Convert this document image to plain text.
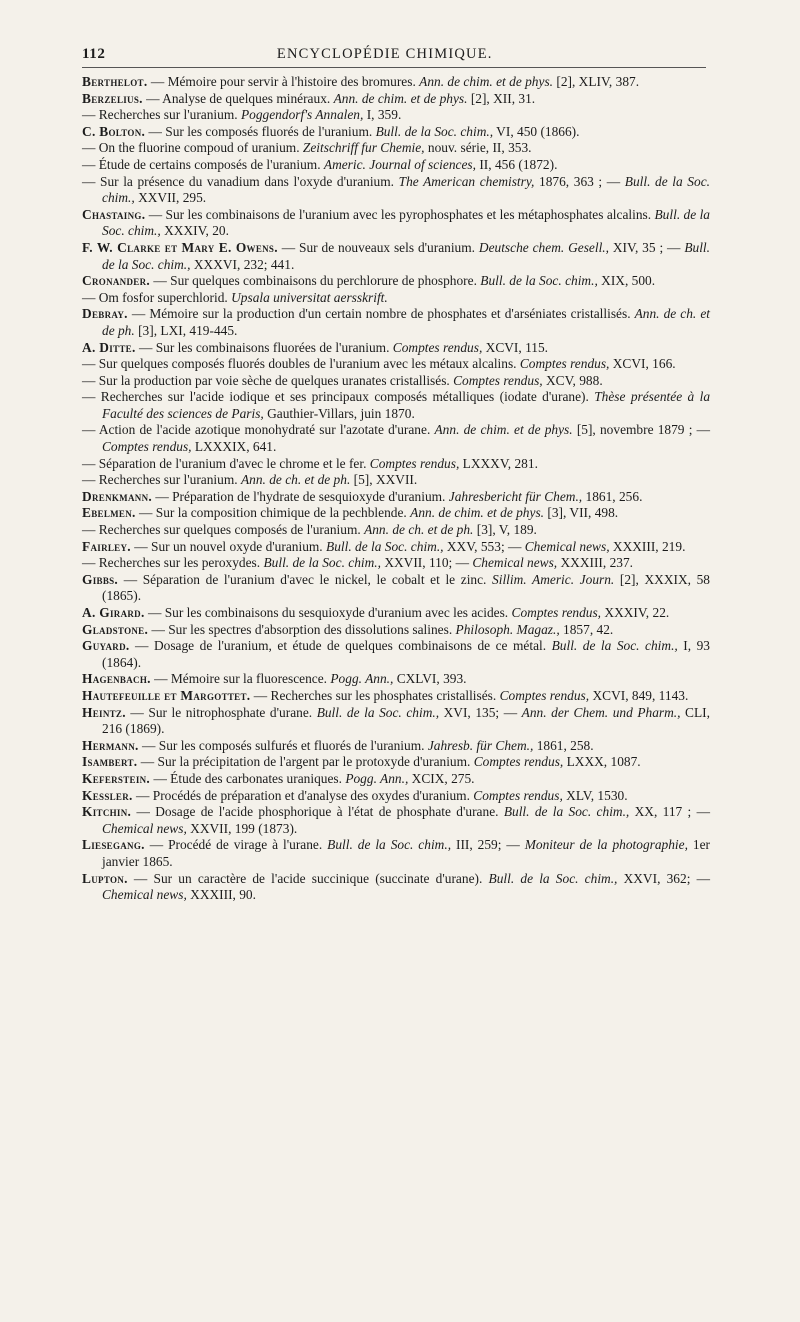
112	ENCYCLOPÉDIE CHIMIQUE.

Berthelot. — Mémoire pour servir à l'histoire des bromures. Ann. de chim. et de phys. [2], XLIV, 387.

Berzelius. — Analyse de quelques minéraux. Ann. de chim. et de phys. [2], XII, 31.

— Recherches sur l'uranium. Poggendorf's Annalen, I, 359.

C. Bolton. — Sur les composés fluorés de l'uranium. Bull. de la Soc. chim., VI, 450 (1866).

— On the fluorine compoud of uranium. Zeitschriff fur Chemie, nouv. série, II, 353.

— Étude de certains composés de l'uranium. Americ. Journal of sciences, II, 456 (1872).

— Sur la présence du vanadium dans l'oxyde d'uranium. The American chemistry, 1876, 363 ; — Bull. de la Soc. chim., XXVII, 295.

Chastaing. — Sur les combinaisons de l'uranium avec les pyrophosphates et les métaphosphates alcalins. Bull. de la Soc. chim., XXXIV, 20.

F. W. Clarke et Mary E. Owens. — Sur de nouveaux sels d'uranium. Deutsche chem. Gesell., XIV, 35 ; — Bull. de la Soc. chim., XXXVI, 232; 441.

Cronander. — Sur quelques combinaisons du perchlorure de phosphore. Bull. de la Soc. chim., XIX, 500.

— Om fosfor superchlorid. Upsala universitat aersskrift.

Debray. — Mémoire sur la production d'un certain nombre de phosphates et d'arséniates cristallisés. Ann. de ch. et de ph. [3], LXI, 419-445.

A. Ditte. — Sur les combinaisons fluorées de l'uranium. Comptes rendus, XCVI, 115.

— Sur quelques composés fluorés doubles de l'uranium avec les métaux alcalins. Comptes rendus, XCVI, 166.

— Sur la production par voie sèche de quelques uranates cristallisés. Comptes rendus, XCV, 988.

— Recherches sur l'acide iodique et ses principaux composés métalliques (iodate d'urane). Thèse présentée à la Faculté des sciences de Paris, Gauthier-Villars, juin 1870.

— Action de l'acide azotique monohydraté sur l'azotate d'urane. Ann. de chim. et de phys. [5], novembre 1879 ; — Comptes rendus, LXXXIX, 641.

— Séparation de l'uranium d'avec le chrome et le fer. Comptes rendus, LXXXV, 281.

— Recherches sur l'uranium. Ann. de ch. et de ph. [5], XXVII.

Drenkmann. — Préparation de l'hydrate de sesquioxyde d'uranium. Jahresbericht für Chem., 1861, 256.

Ebelmen. — Sur la composition chimique de la pechblende. Ann. de chim. et de phys. [3], VII, 498.

— Recherches sur quelques composés de l'uranium. Ann. de ch. et de ph. [3], V, 189.

Fairley. — Sur un nouvel oxyde d'uranium. Bull. de la Soc. chim., XXV, 553; — Chemical news, XXXIII, 219.

— Recherches sur les peroxydes. Bull. de la Soc. chim., XXVII, 110; — Chemical news, XXXIII, 237.

Gibbs. — Séparation de l'uranium d'avec le nickel, le cobalt et le zinc. Sillim. Americ. Journ. [2], XXXIX, 58 (1865).

A. Girard. — Sur les combinaisons du sesquioxyde d'uranium avec les acides. Comptes rendus, XXXIV, 22.

Gladstone. — Sur les spectres d'absorption des dissolutions salines. Philosoph. Magaz., 1857, 42.

Guyard. — Dosage de l'uranium, et étude de quelques combinaisons de ce métal. Bull. de la Soc. chim., I, 93 (1864).

Hagenbach. — Mémoire sur la fluorescence. Pogg. Ann., CXLVI, 393.

Hautefeuille et Margottet. — Recherches sur les phosphates cristallisés. Comptes rendus, XCVI, 849, 1143.

Heintz. — Sur le nitrophosphate d'urane. Bull. de la Soc. chim., XVI, 135; — Ann. der Chem. und Pharm., CLI, 216 (1869).

Hermann. — Sur les composés sulfurés et fluorés de l'uranium. Jahresb. für Chem., 1861, 258.

Isambert. — Sur la précipitation de l'argent par le protoxyde d'uranium. Comptes rendus, LXXX, 1087.

Keferstein. — Étude des carbonates uraniques. Pogg. Ann., XCIX, 275.

Kessler. — Procédés de préparation et d'analyse des oxydes d'uranium. Comptes rendus, XLV, 1530.

Kitchin. — Dosage de l'acide phosphorique à l'état de phosphate d'urane. Bull. de la Soc. chim., XX, 117 ; — Chemical news, XXVII, 199 (1873).

Liesegang. — Procédé de virage à l'urane. Bull. de la Soc. chim., III, 259; — Moniteur de la photographie, 1er janvier 1865.

Lupton. — Sur un caractère de l'acide succinique (succinate d'urane). Bull. de la Soc. chim., XXVI, 362; — Chemical news, XXXIII, 90.
